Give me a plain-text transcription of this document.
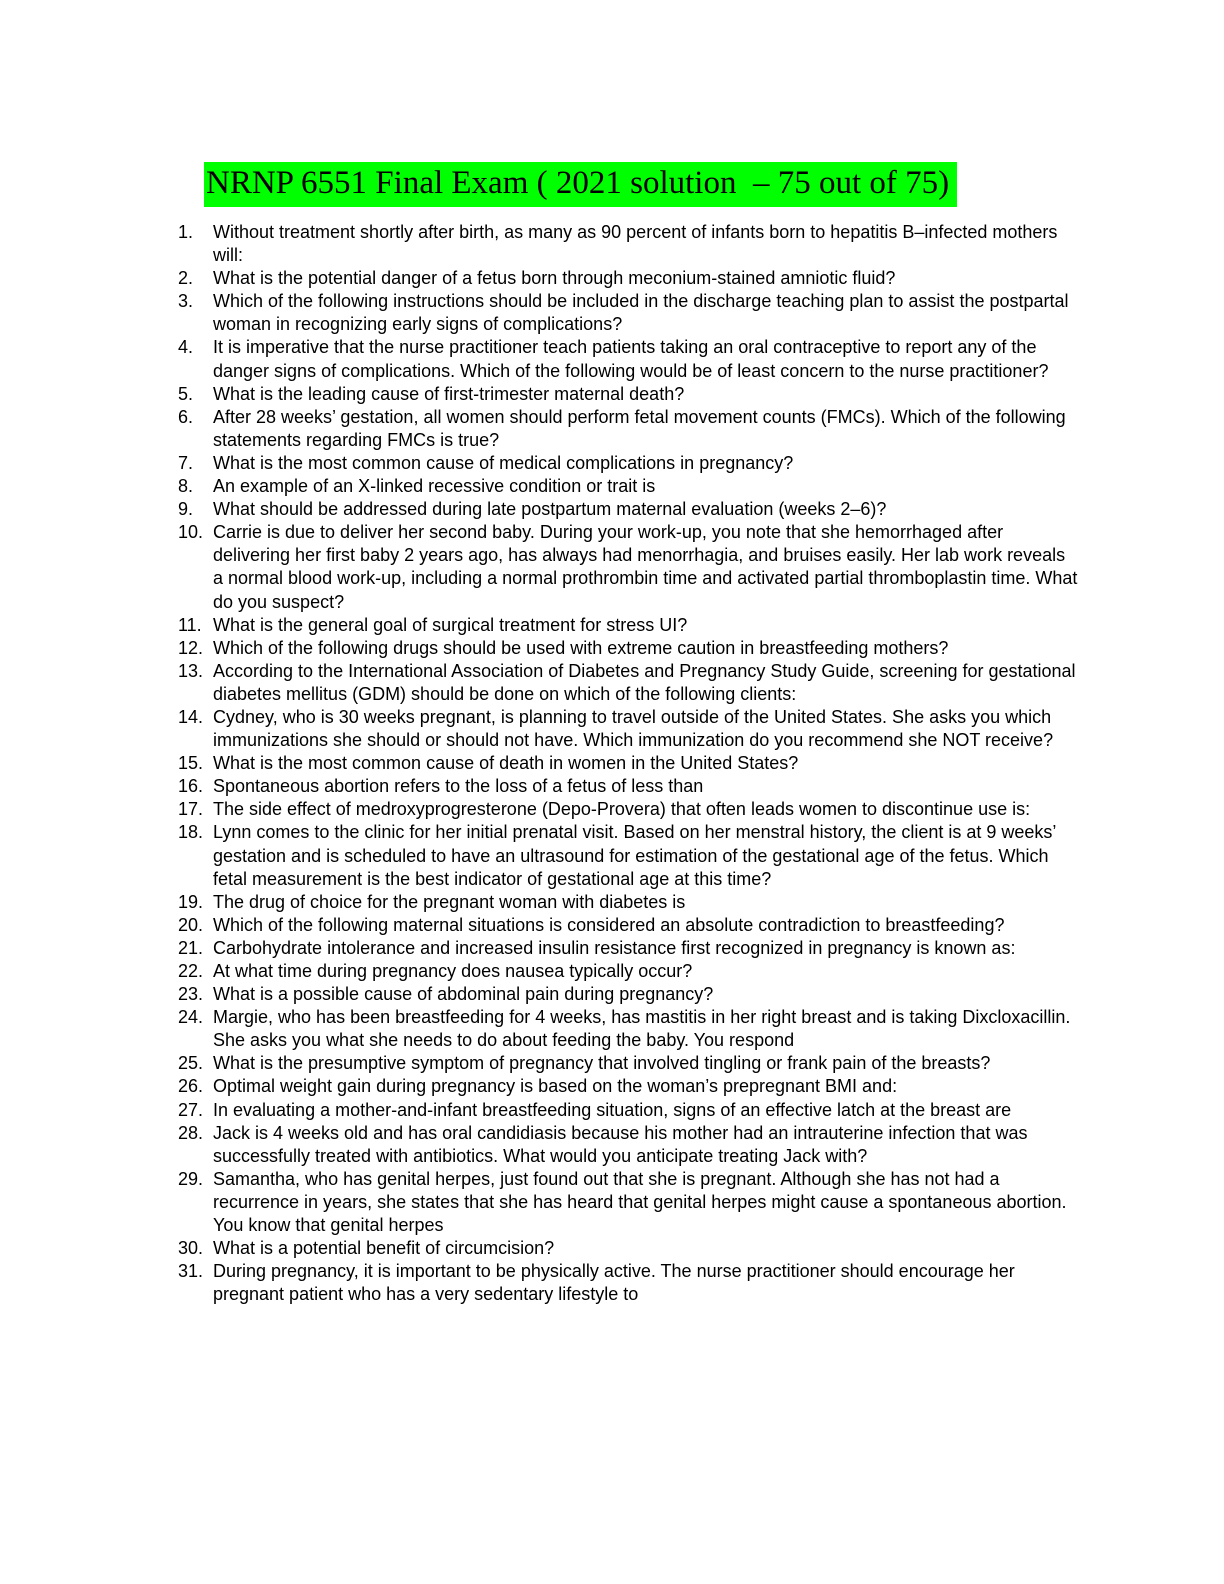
NRNP 6551 Final Exam ( 2021 solution  – 75 out of 75)
1.	Without treatment shortly after birth, as many as 90 percent of infants born to hepatitis B–infected mothers will:
2.	What is the potential danger of a fetus born through meconium-stained amniotic fluid?
3.	Which of the following instructions should be included in the discharge teaching plan to assist the postpartal woman in recognizing early signs of complications?
4.	It is imperative that the nurse practitioner teach patients taking an oral contraceptive to report any of the danger signs of complications. Which of the following would be of least concern to the nurse practitioner?
5.	What is the leading cause of first-trimester maternal death?
6.	After 28 weeks’ gestation, all women should perform fetal movement counts (FMCs). Which of the following statements regarding FMCs is true?
7.	What is the most common cause of medical complications in pregnancy?
8.	An example of an X-linked recessive condition or trait is
9.	What should be addressed during late postpartum maternal evaluation (weeks 2–6)?
10. Carrie is due to deliver her second baby. During your work-up, you note that she hemorrhaged after delivering her first baby 2 years ago, has always had menorrhagia, and bruises easily. Her lab work reveals a normal blood work-up, including a normal prothrombin time and activated partial thromboplastin time. What do you suspect?
11. What is the general goal of surgical treatment for stress UI?
12. Which of the following drugs should be used with extreme caution in breastfeeding mothers?
13. According to the International Association of Diabetes and Pregnancy Study Guide, screening for gestational diabetes mellitus (GDM) should be done on which of the following clients:
14. Cydney, who is 30 weeks pregnant, is planning to travel outside of the United States. She asks you which immunizations she should or should not have. Which immunization do you recommend she NOT receive?
15. What is the most common cause of death in women in the United States?
16. Spontaneous abortion refers to the loss of a fetus of less than
17. The side effect of medroxyprogresterone (Depo-Provera) that often leads women to discontinue use is:
18. Lynn comes to the clinic for her initial prenatal visit. Based on her menstral history, the client is at 9 weeks’ gestation and is scheduled to have an ultrasound for estimation of the gestational age of the fetus. Which fetal measurement is the best indicator of gestational age at this time?
19. The drug of choice for the pregnant woman with diabetes is
20. Which of the following maternal situations is considered an absolute contradiction to breastfeeding?
21. Carbohydrate intolerance and increased insulin resistance first recognized in pregnancy is known as:
22. At what time during pregnancy does nausea typically occur?
23. What is a possible cause of abdominal pain during pregnancy?
24. Margie, who has been breastfeeding for 4 weeks, has mastitis in her right breast and is taking Dixcloxacillin. She asks you what she needs to do about feeding the baby. You respond
25. What is the presumptive symptom of pregnancy that involved tingling or frank pain of the breasts?
26. Optimal weight gain during pregnancy is based on the woman’s prepregnant BMI and:
27. In evaluating a mother-and-infant breastfeeding situation, signs of an effective latch at the breast are
28. Jack is 4 weeks old and has oral candidiasis because his mother had an intrauterine infection that was successfully treated with antibiotics. What would you anticipate treating Jack with?
29. Samantha, who has genital herpes, just found out that she is pregnant. Although she has not had a recurrence in years, she states that she has heard that genital herpes might cause a spontaneous abortion. You know that genital herpes
30. What is a potential benefit of circumcision?
31. During pregnancy, it is important to be physically active. The nurse practitioner should encourage her pregnant patient who has a very sedentary lifestyle to
